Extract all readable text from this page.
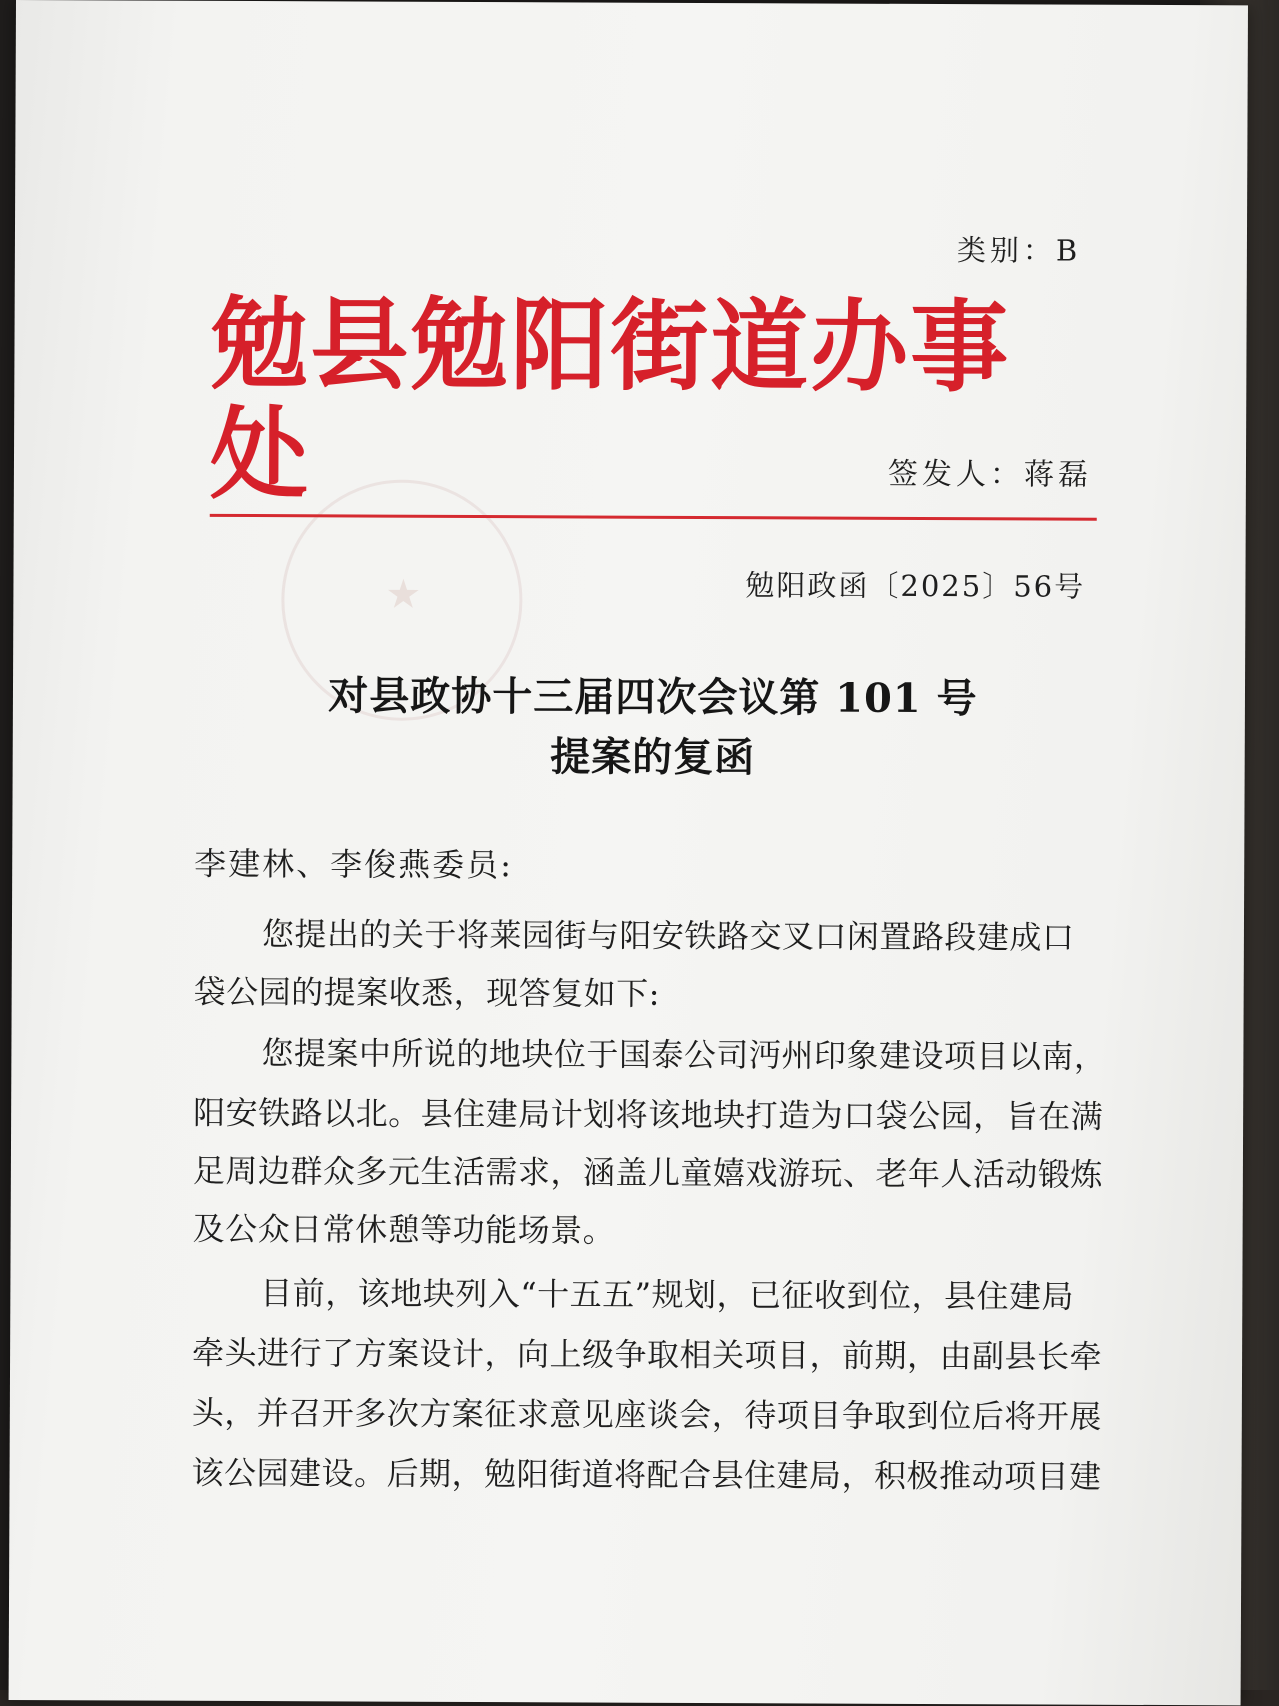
★
类别：B
勉县勉阳街道办事处	签发人：蒋磊
勉阳政函〔2025〕56号
对县政协十三届四次会议第 101 号
提案的复函
李建林、李俊燕委员:
您提出的关于将莱园街与阳安铁路交叉口闲置路段建成口
袋公园的提案收悉，现答复如下:
您提案中所说的地块位于国泰公司沔州印象建设项目以南，
阳安铁路以北。县住建局计划将该地块打造为口袋公园，旨在满
足周边群众多元生活需求，涵盖儿童嬉戏游玩、老年人活动锻炼
及公众日常休憩等功能场景。
目前，该地块列入“十五五”规划，已征收到位，县住建局
牵头进行了方案设计，向上级争取相关项目，前期，由副县长牵
头，并召开多次方案征求意见座谈会，待项目争取到位后将开展
该公园建设。后期，勉阳街道将配合县住建局，积极推动项目建
